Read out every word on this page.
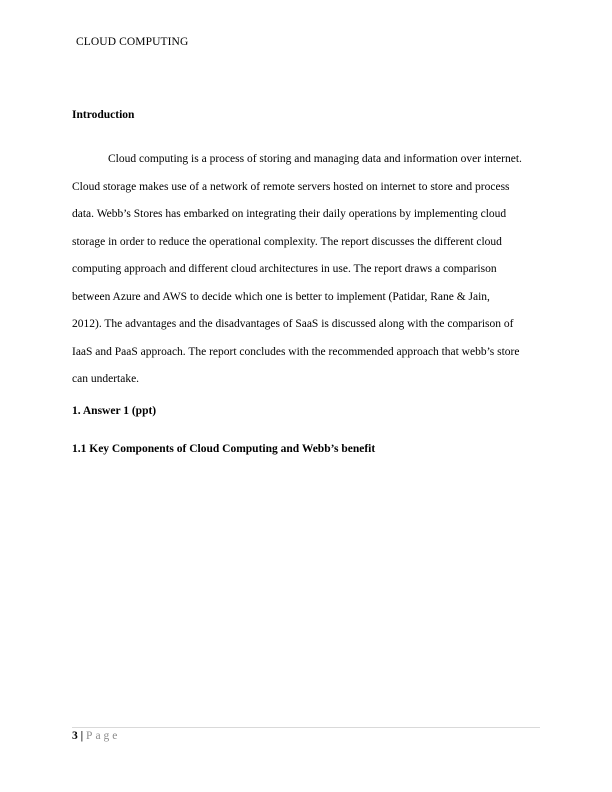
CLOUD COMPUTING
Introduction

Cloud computing is a process of storing and managing data and information over internet.
Cloud storage makes use of a network of remote servers hosted on internet to store and process
data. Webb’s Stores has embarked on integrating their daily operations by implementing cloud
storage in order to reduce the operational complexity. The report discusses the different cloud
computing approach and different cloud architectures in use. The report draws a comparison
between Azure and AWS to decide which one is better to implement (Patidar, Rane & Jain,
2012). The advantages and the disadvantages of SaaS is discussed along with the comparison of
IaaS and PaaS approach. The report concludes with the recommended approach that webb’s store
can undertake.

1. Answer 1 (ppt)
1.1 Key Components of Cloud Computing and Webb’s benefit
3 | Page
